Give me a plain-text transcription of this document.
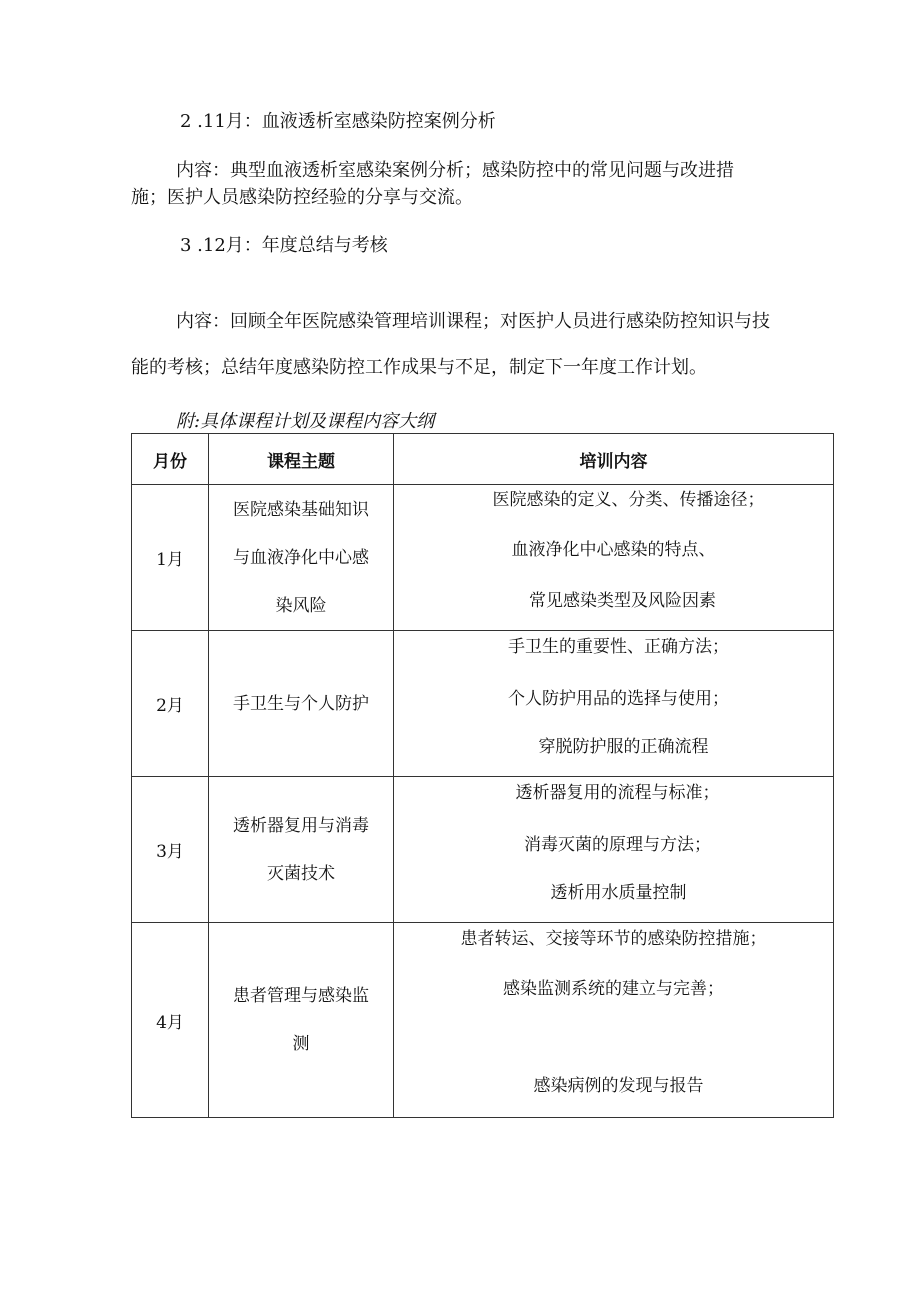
2 .11月：血液透析室感染防控案例分析
内容：典型血液透析室感染案例分析；感染防控中的常见问题与改进措
施；医护人员感染防控经验的分享与交流。
3 .12月：年度总结与考核
内容：回顾全年医院感染管理培训课程；对医护人员进行感染防控知识与技
能的考核；总结年度感染防控工作成果与不足，制定下一年度工作计划。
附:具体课程计划及课程内容大纲
月份	课程主题	培训内容
1月	医院感染基础知识与血液净化中心感染风险	医院感染的定义、分类、传播途径；
血液净化中心感染的特点、
常见感染类型及风险因素

2月	手卫生与个人防护	手卫生的重要性、正确方法；
个人防护用品的选择与使用；
穿脱防护服的正确流程

3月	透析器复用与消毒灭菌技术	透析器复用的流程与标准；
消毒灭菌的原理与方法；
透析用水质量控制

4月	患者管理与感染监测	患者转运、交接等环节的感染防控措施；
感染监测系统的建立与完善；
感染病例的发现与报告
